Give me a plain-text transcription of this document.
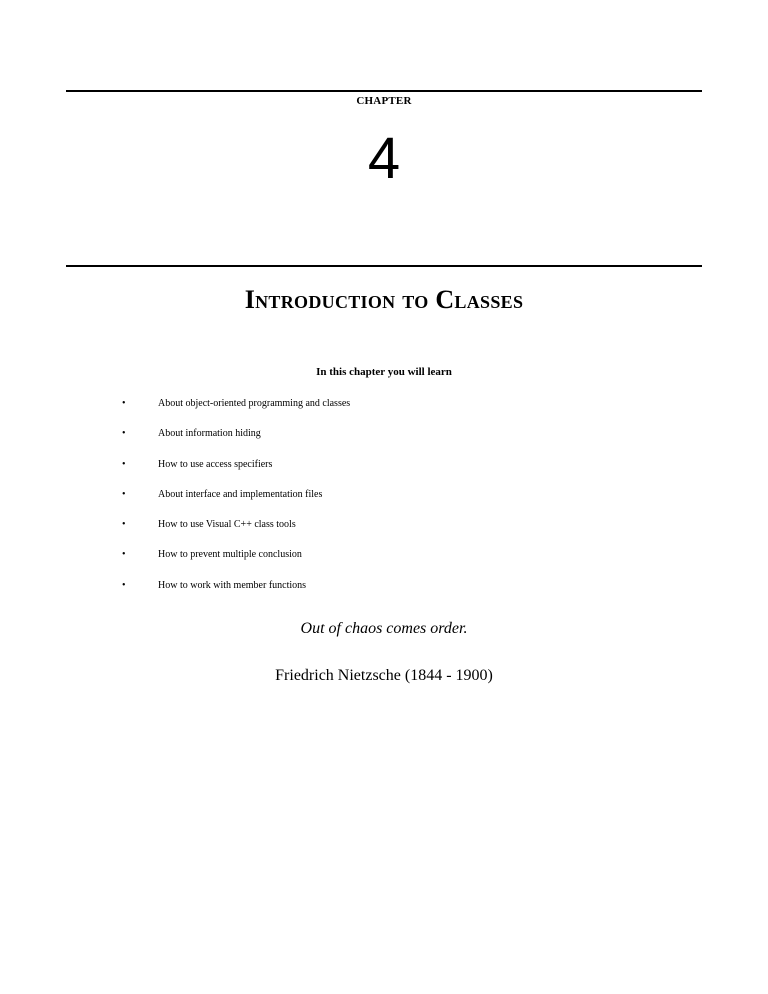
CHAPTER
4
Introduction to Classes
In this chapter you will learn
•	About object-oriented programming and classes
•	About information hiding
•	How to use access specifiers
•	About interface and implementation files
•	How to use Visual C++ class tools
•	How to prevent multiple conclusion
•	How to work with member functions
Out of chaos comes order.
Friedrich Nietzsche (1844 - 1900)
